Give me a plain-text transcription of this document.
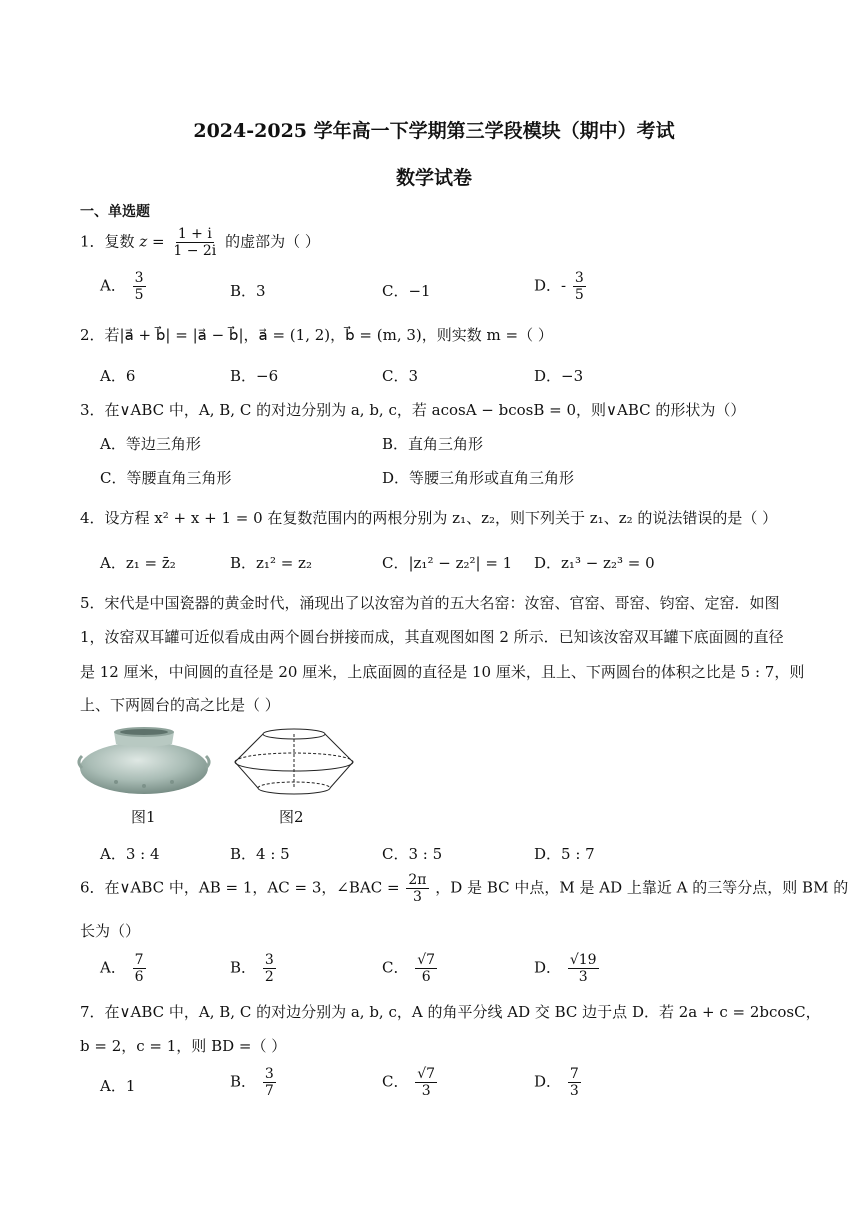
2024-2025 学年高一下学期第三学段模块（期中）考试
数学试卷
一、单选题
1．复数 $z = \frac{1 + i}{1 - 2i}$ 的虚部为（ ）
A． $\frac{3}{5}$	B．3	C．−1	D．- $\frac{3}{5}$
2．若|a⃗ + b⃗| = |a⃗ − b⃗|，a⃗ = (1, 2)，b⃗ = (m, 3)，则实数 m =（ ）
A．6	B．−6	C．3	D．−3
3．在∨ABC 中，A, B, C 的对边分别为 a, b, c，若 acosA − bcosB = 0，则∨ABC 的形状为（）
A．等边三角形	B．直角三角形
C．等腰直角三角形	D．等腰三角形或直角三角形
4．设方程 x² + x + 1 = 0 在复数范围内的两根分别为 z₁、z₂，则下列关于 z₁、z₂ 的说法错误的是（ ）
A．z₁ = z̄₂	B．z₁² = z₂	C．|z₁² − z₂²| = 1 D．z₁³ − z₂³ = 0
5．宋代是中国瓷器的黄金时代，涌现出了以汝窑为首的五大名窑：汝窑、官窑、哥窑、钧窑、定窑．如图
1，汝窑双耳罐可近似看成由两个圆台拼接而成，其直观图如图 2 所示．已知该汝窑双耳罐下底面圆的直径
是 12 厘米，中间圆的直径是 20 厘米，上底面圆的直径是 10 厘米，且上、下两圆台的体积之比是 5 : 7，则
上、下两圆台的高之比是（ ）
图1	图2
A．3 : 4	B．4 : 5	C．3 : 5	D．5 : 7
6．在∨ABC 中，AB = 1，AC = 3，∠BAC = $\frac{2\pi}{3}$ ，D 是 BC 中点，M 是 AD 上靠近 A 的三等分点，则 BM 的
长为（）
A． $\frac{7}{6}$	B． $\frac{3}{2}$	C． $\frac{√7}{6}$	D． $\frac{√19}{3}$
7．在∨ABC 中，A, B, C 的对边分别为 a, b, c，A 的角平分线 AD 交 BC 边于点 D．若 2a + c = 2bcosC，
b = 2，c = 1，则 BD =（ ）
A．1	B． $\frac{3}{7}$	C． $\frac{√7}{3}$	D． $\frac{7}{3}$
